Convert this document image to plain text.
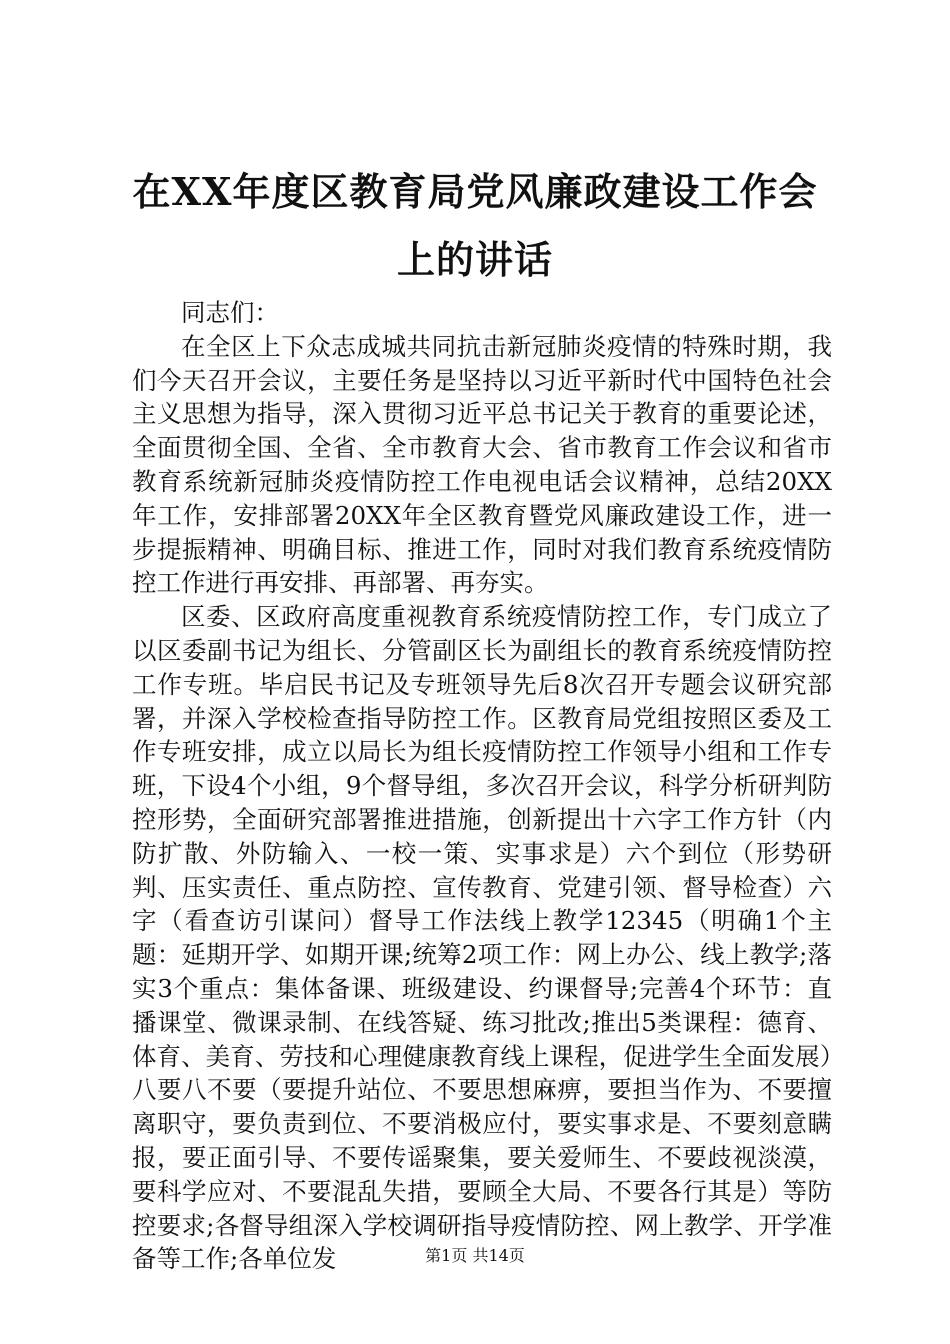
在XX年度区教育局党风廉政建设工作会上的讲话

同志们：

在全区上下众志成城共同抗击新冠肺炎疫情的特殊时期，我们今天召开会议，主要任务是坚持以习近平新时代中国特色社会主义思想为指导，深入贯彻习近平总书记关于教育的重要论述，全面贯彻全国、全省、全市教育大会、省市教育工作会议和省市教育系统新冠肺炎疫情防控工作电视电话会议精神，总结20XX年工作，安排部署20XX年全区教育暨党风廉政建设工作，进一步提振精神、明确目标、推进工作，同时对我们教育系统疫情防控工作进行再安排、再部署、再夯实。

区委、区政府高度重视教育系统疫情防控工作，专门成立了以区委副书记为组长、分管副区长为副组长的教育系统疫情防控工作专班。毕启民书记及专班领导先后8次召开专题会议研究部署，并深入学校检查指导防控工作。区教育局党组按照区委及工作专班安排，成立以局长为组长疫情防控工作领导小组和工作专班，下设4个小组，9个督导组，多次召开会议，科学分析研判防控形势，全面研究部署推进措施，创新提出十六字工作方针（内防扩散、外防输入、一校一策、实事求是）六个到位（形势研判、压实责任、重点防控、宣传教育、党建引领、督导检查）六字（看查访引谋问）督导工作法线上教学12345（明确1个主题：延期开学、如期开课;统筹2项工作：网上办公、线上教学;落实3个重点：集体备课、班级建设、约课督导;完善4个环节：直播课堂、微课录制、在线答疑、练习批改;推出5类课程：德育、体育、美育、劳技和心理健康教育线上课程，促进学生全面发展）八要八不要（要提升站位、不要思想麻痹，要担当作为、不要擅离职守，要负责到位、不要消极应付，要实事求是、不要刻意瞒报，要正面引导、不要传谣聚集，要关爱师生、不要歧视淡漠，要科学应对、不要混乱失措，要顾全大局、不要各行其是）等防控要求;各督导组深入学校调研指导疫情防控、网上教学、开学准备等工作;各单位发	第1页 共14页
